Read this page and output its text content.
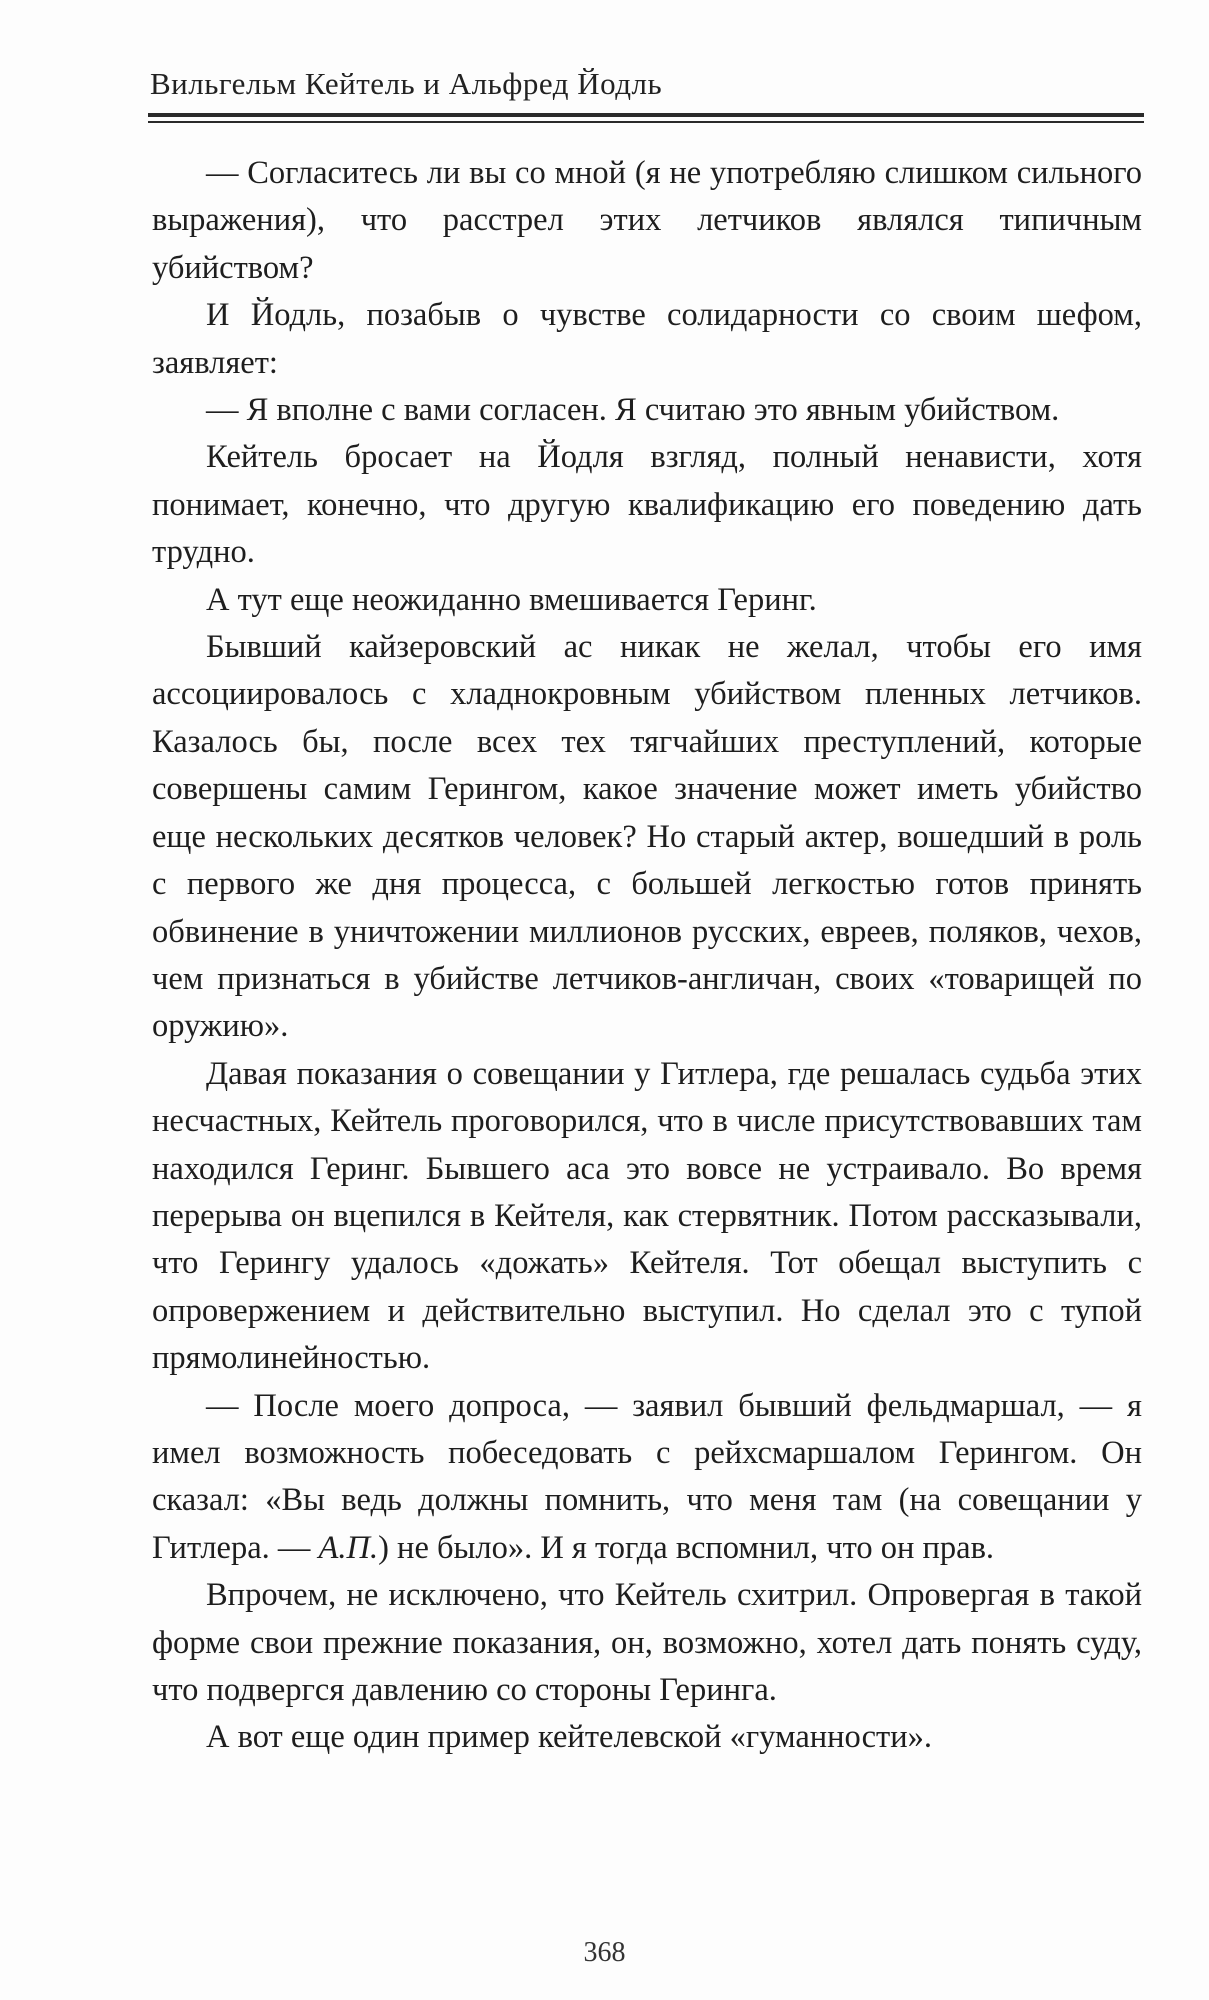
Вильгельм Кейтель и Альфред Йодль

— Согласитесь ли вы со мной (я не употребляю слишком сильного выражения), что расстрел этих летчиков являлся типичным убийством?

И Йодль, позабыв о чувстве солидарности со своим шефом, заявляет:

— Я вполне с вами согласен. Я считаю это явным убийством.

Кейтель бросает на Йодля взгляд, полный ненависти, хотя понимает, конечно, что другую квалификацию его поведению дать трудно.

А тут еще неожиданно вмешивается Геринг.

Бывший кайзеровский ас никак не желал, чтобы его имя ассоциировалось с хладнокровным убийством пленных летчиков. Казалось бы, после всех тех тягчайших преступлений, которые совершены самим Герингом, какое значение может иметь убийство еще нескольких десятков человек? Но старый актер, вошедший в роль с первого же дня процесса, с большей легкостью готов принять обвинение в уничтожении миллионов русских, евреев, поляков, чехов, чем признаться в убийстве летчиков-англичан, своих «товарищей по оружию».

Давая показания о совещании у Гитлера, где решалась судьба этих несчастных, Кейтель проговорился, что в числе присутствовавших там находился Геринг. Бывшего аса это вовсе не устраивало. Во время перерыва он вцепился в Кейтеля, как стервятник. Потом рассказывали, что Герингу удалось «дожать» Кейтеля. Тот обещал выступить с опровержением и действительно выступил. Но сделал это с тупой прямолинейностью.

— После моего допроса, — заявил бывший фельдмаршал, — я имел возможность побеседовать с рейхсмаршалом Герингом. Он сказал: «Вы ведь должны помнить, что меня там (на совещании у Гитлера. — А.П.) не было». И я тогда вспомнил, что он прав.

Впрочем, не исключено, что Кейтель схитрил. Опровергая в такой форме свои прежние показания, он, возможно, хотел дать понять суду, что подвергся давлению со стороны Геринга.

А вот еще один пример кейтелевской «гуманности».

368
